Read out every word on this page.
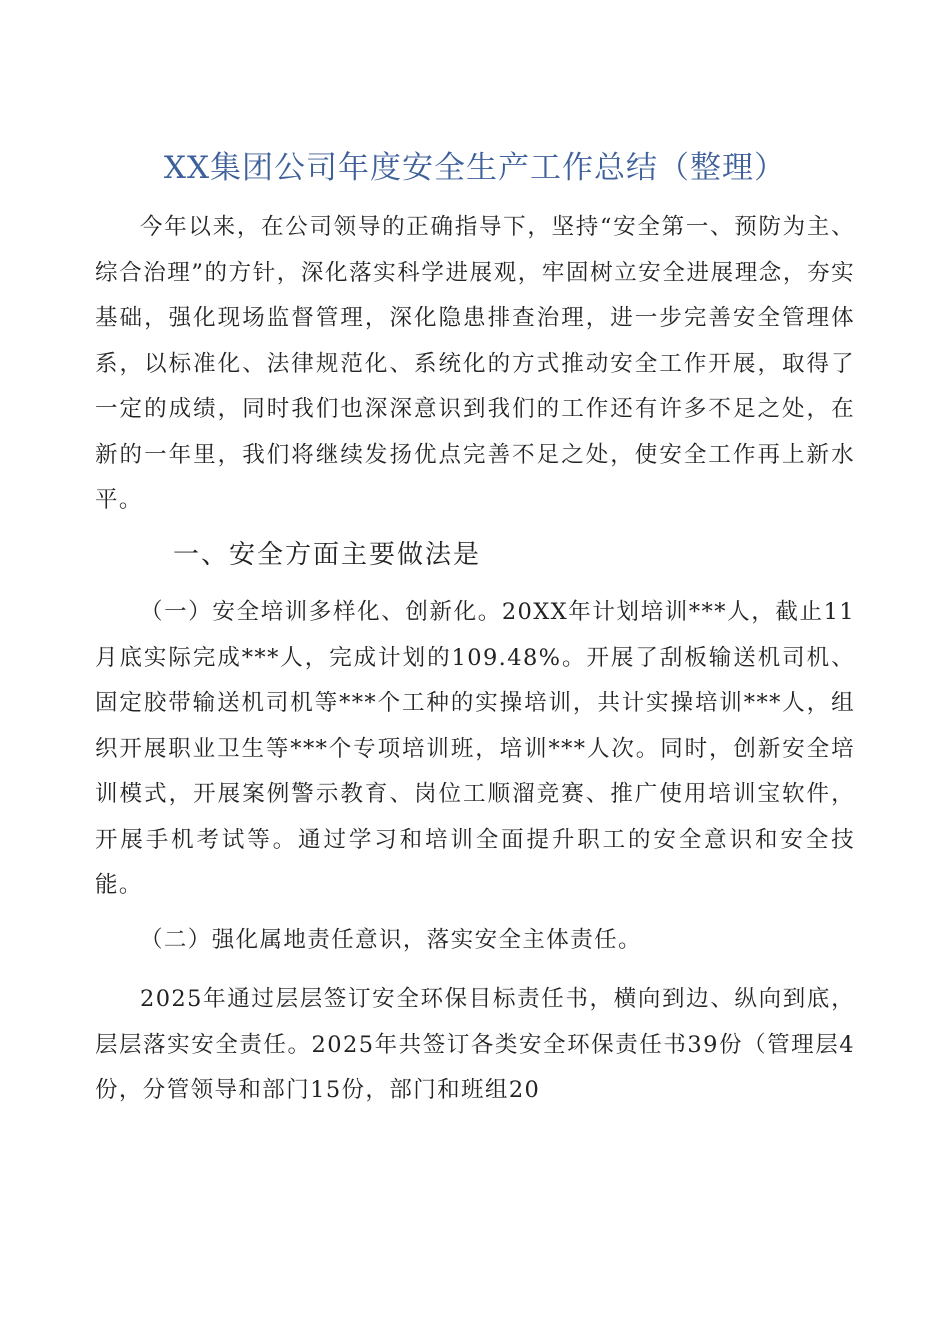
XX集团公司年度安全生产工作总结（整理）

今年以来，在公司领导的正确指导下，坚持“安全第一、预防为主、综合治理”的方针，深化落实科学进展观，牢固树立安全进展理念，夯实基础，强化现场监督管理，深化隐患排查治理，进一步完善安全管理体系，以标准化、法律规范化、系统化的方式推动安全工作开展，取得了一定的成绩，同时我们也深深意识到我们的工作还有许多不足之处，在新的一年里，我们将继续发扬优点完善不足之处，使安全工作再上新水平。

一、安全方面主要做法是

（一）安全培训多样化、创新化。20XX年计划培训***人，截止11月底实际完成***人，完成计划的109.48%。开展了刮板输送机司机、固定胶带输送机司机等***个工种的实操培训，共计实操培训***人，组织开展职业卫生等***个专项培训班，培训***人次。同时，创新安全培训模式，开展案例警示教育、岗位工顺溜竞赛、推广使用培训宝软件，开展手机考试等。通过学习和培训全面提升职工的安全意识和安全技能。

（二）强化属地责任意识，落实安全主体责任。

2025年通过层层签订安全环保目标责任书，横向到边、纵向到底，层层落实安全责任。2025年共签订各类安全环保责任书39份（管理层4份，分管领导和部门15份，部门和班组20
